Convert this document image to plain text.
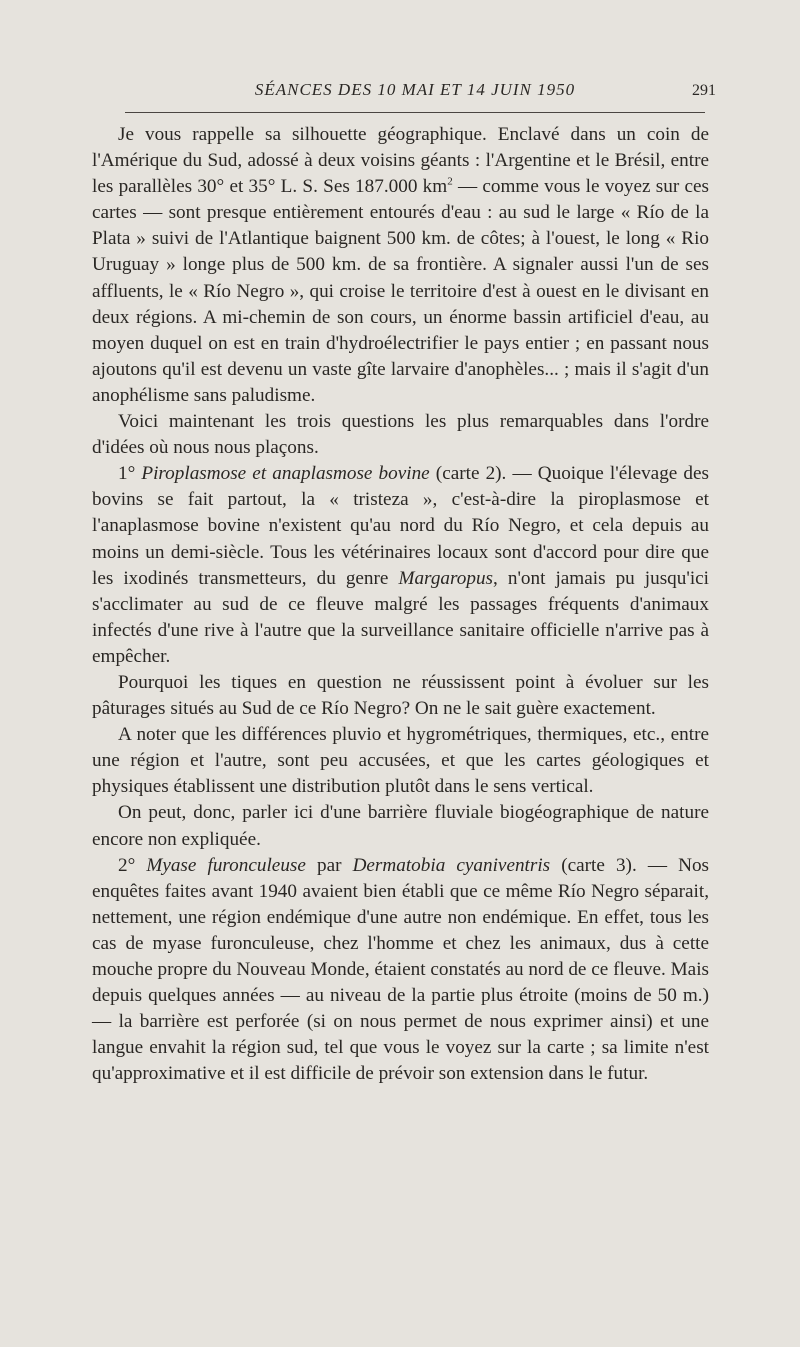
SÉANCES DES 10 MAI ET 14 JUIN 1950	291

Je vous rappelle sa silhouette géographique. Enclavé dans un coin de l'Amérique du Sud, adossé à deux voisins géants : l'Argentine et le Brésil, entre les parallèles 30° et 35° L. S. Ses 187.000 $km^2$ — comme vous le voyez sur ces cartes — sont presque entièrement entourés d'eau : au sud le large « Río de la Plata » suivi de l'Atlantique baignent 500 km. de côtes; à l'ouest, le long « Rio Uruguay » longe plus de 500 km. de sa frontière. A signaler aussi l'un de ses affluents, le « Río Negro », qui croise le territoire d'est à ouest en le divisant en deux régions. A mi-chemin de son cours, un énorme bassin artificiel d'eau, au moyen duquel on est en train d'hydroélectrifier le pays entier ; en passant nous ajoutons qu'il est devenu un vaste gîte larvaire d'anophèles... ; mais il s'agit d'un anophélisme sans paludisme.

Voici maintenant les trois questions les plus remarquables dans l'ordre d'idées où nous nous plaçons.

1° Piroplasmose et anaplasmose bovine (carte 2). — Quoique l'élevage des bovins se fait partout, la « tristeza », c'est-à-dire la piroplasmose et l'anaplasmose bovine n'existent qu'au nord du Río Negro, et cela depuis au moins un demi-siècle. Tous les vétérinaires locaux sont d'accord pour dire que les ixodinés transmetteurs, du genre Margaropus, n'ont jamais pu jusqu'ici s'acclimater au sud de ce fleuve malgré les passages fréquents d'animaux infectés d'une rive à l'autre que la surveillance sanitaire officielle n'arrive pas à empêcher.

Pourquoi les tiques en question ne réussissent point à évoluer sur les pâturages situés au Sud de ce Río Negro? On ne le sait guère exactement.

A noter que les différences pluvio et hygrométriques, thermiques, etc., entre une région et l'autre, sont peu accusées, et que les cartes géologiques et physiques établissent une distribution plutôt dans le sens vertical.

On peut, donc, parler ici d'une barrière fluviale biogéographique de nature encore non expliquée.

2° Myase furonculeuse par Dermatobia cyaniventris (carte 3). — Nos enquêtes faites avant 1940 avaient bien établi que ce même Río Negro séparait, nettement, une région endémique d'une autre non endémique. En effet, tous les cas de myase furonculeuse, chez l'homme et chez les animaux, dus à cette mouche propre du Nouveau Monde, étaient constatés au nord de ce fleuve. Mais depuis quelques années — au niveau de la partie plus étroite (moins de 50 m.) — la barrière est perforée (si on nous permet de nous exprimer ainsi) et une langue envahit la région sud, tel que vous le voyez sur la carte ; sa limite n'est qu'approximative et il est difficile de prévoir son extension dans le futur.
